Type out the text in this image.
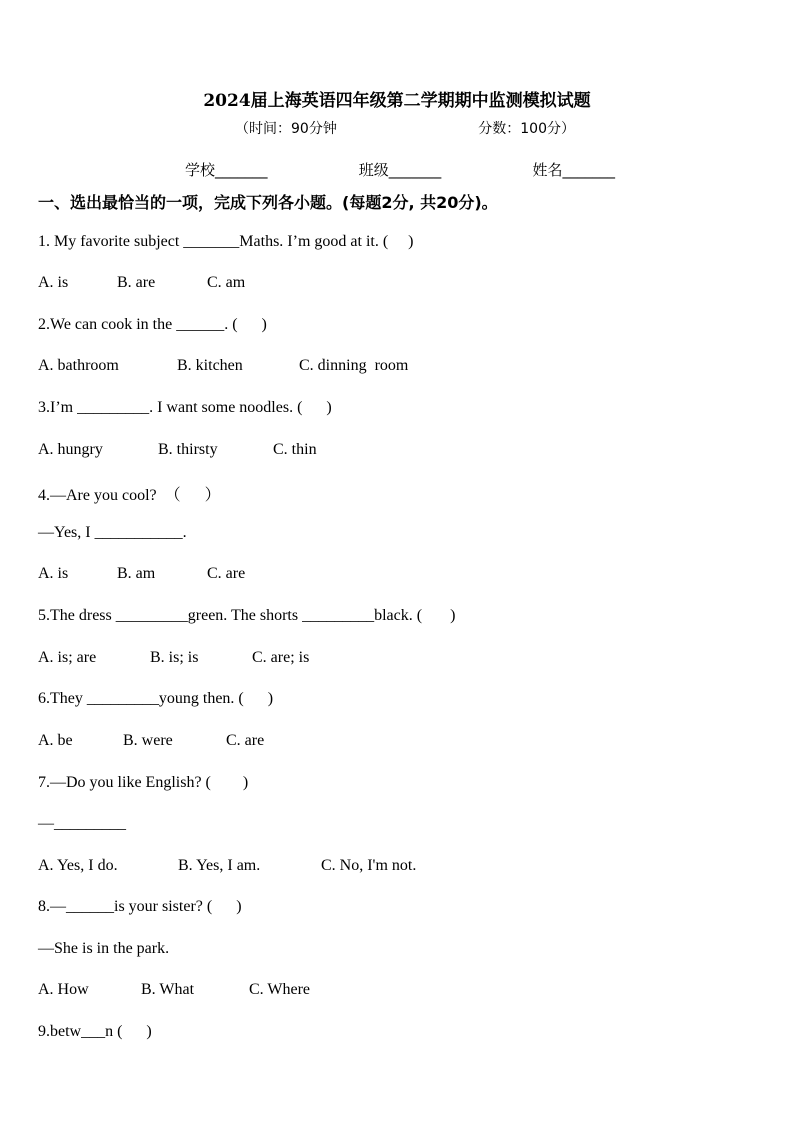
2024届上海英语四年级第二学期期中监测模拟试题
（时间：90分钟	分数：100分）
学校_______	班级_______	姓名_______
一、选出最恰当的一项，完成下列各小题。(每题2分, 共20分)。
1. My favorite subject _______Maths. I’m good at it. (     )
A. is	B. are	C. am
2.We can cook in the ______. (      )
A. bathroom	B. kitchen	C. dinning  room
3.I’m _________. I want some noodles. (      )
A. hungry	B. thirsty	C. thin
4.—Are you cool?  （      ）
—Yes, I ___________.
A. is	B. am	C. are
5.The dress _________green. The shorts _________black. (       )
A. is; are	B. is; is	C. are; is
6.They _________young then. (      )
A. be	B. were	C. are
7.—Do you like English? (        )
—_________
A. Yes, I do.	B. Yes, I am.	C. No, I'm not.
8.—______is your sister? (      )
—She is in the park.
A. How	B. What	C. Where
9.betw___n (      )
